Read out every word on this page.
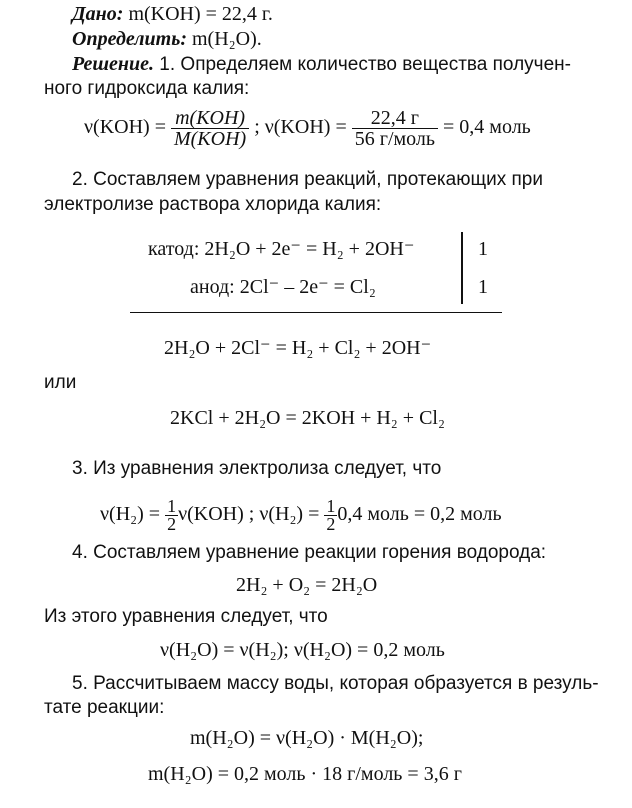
Дано: m(KOH) = 22,4 г.
Определить: m(H₂O).
Решение. 1. Определяем количество вещества получен-
ного гидроксида калия:
$\nu(KOH) = \frac{\text{m(KOH)}}{\text{M(KOH)}}$ ; $\nu(KOH) = \frac{22,4 г}{\text{56 г/моль}} = 0,4$ моль
2. Составляем уравнения реакций, протекающих при
электролизе раствора хлорида калия:
катод: 2H₂O + 2e⁻ = H₂ + 2OH⁻	1
анод: 2Cl⁻ – 2e⁻ = Cl₂	1
2H₂O + 2Cl⁻ = H₂ + Cl₂ + 2OH⁻
или
2KCl + 2H₂O = 2KOH + H₂ + Cl₂
3. Из уравнения электролиза следует, что
$\nu(H_2) = \frac{1}{2} \nu(KOH)$ ; $\nu(H_2) = \frac{1}{2} 0,4$ моль = 0,2 моль
4. Составляем уравнение реакции горения водорода:
2H₂ + O₂ = 2H₂O
Из этого уравнения следует, что
ν(H₂O) = ν(H₂); ν(H₂O) = 0,2 моль
5. Рассчитываем массу воды, которая образуется в резуль-
тате реакции:
m(H₂O) = ν(H₂O) · M(H₂O);
m(H₂O) = 0,2 моль · 18 г/моль = 3,6 г
